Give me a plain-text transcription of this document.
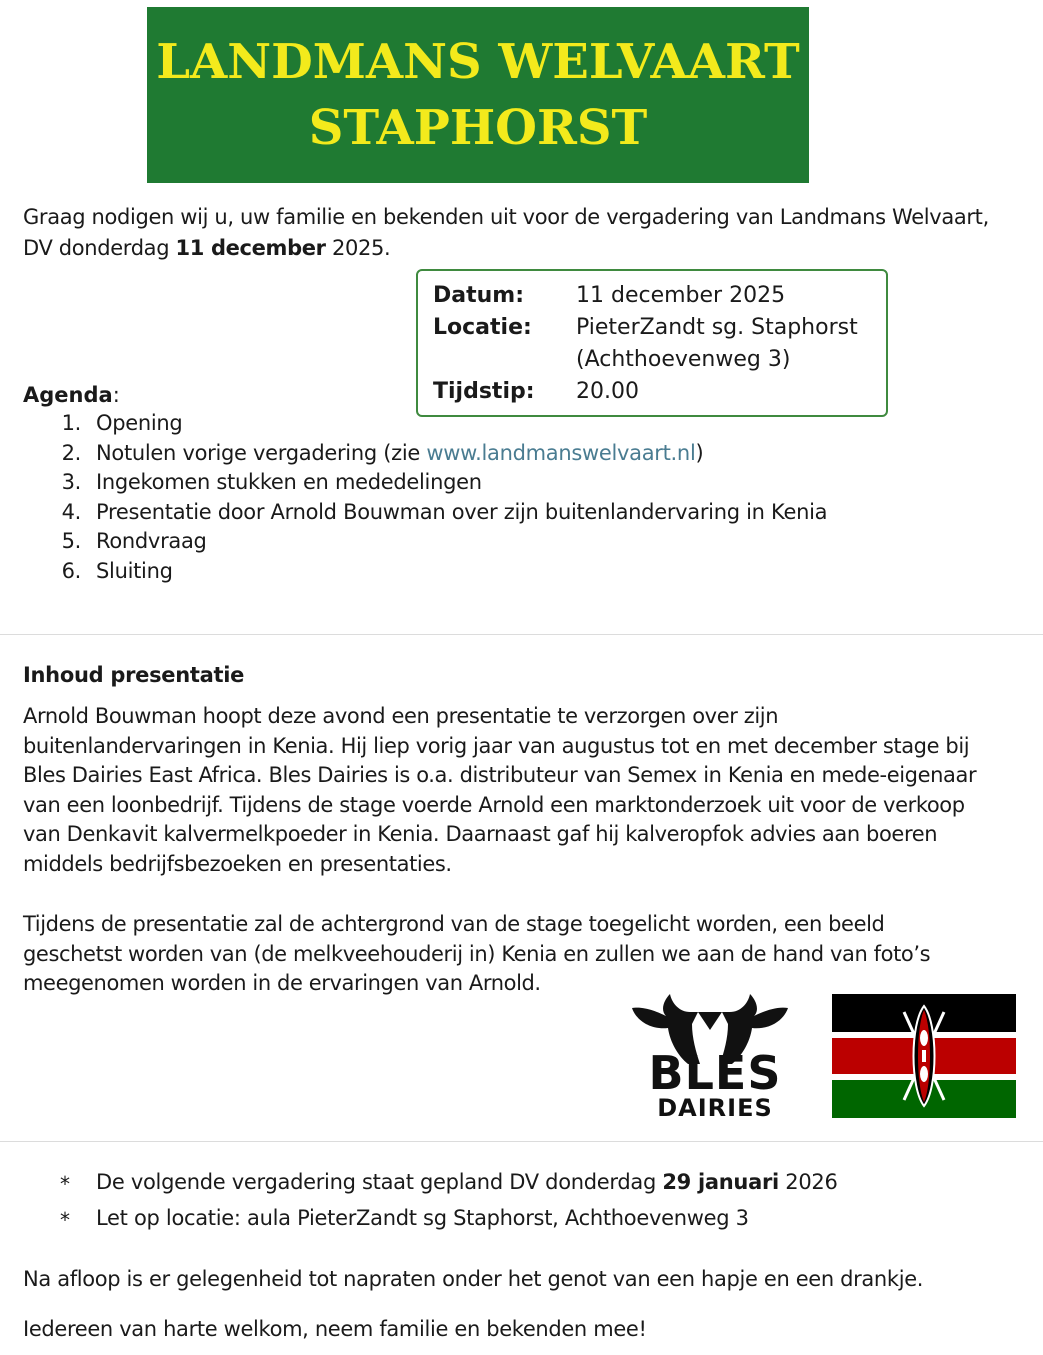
LANDMANS WELVAART
STAPHORST
Graag nodigen wij u, uw familie en bekenden uit voor de vergadering van Landmans Welvaart, DV donderdag 11 december 2025.
Datum:	11 december 2025
Locatie:	PieterZandt sg. Staphorst
(Achthoevenweg 3)
Tijdstip:	20.00
Agenda:
1. Opening
2. Notulen vorige vergadering (zie www.landmanswelvaart.nl)
3. Ingekomen stukken en mededelingen
4. Presentatie door Arnold Bouwman over zijn buitenlandervaring in Kenia
5. Rondvraag
6. Sluiting
Inhoud presentatie
Arnold Bouwman hoopt deze avond een presentatie te verzorgen over zijn buitenlandervaringen in Kenia. Hij liep vorig jaar van augustus tot en met december stage bij Bles Dairies East Africa. Bles Dairies is o.a. distributeur van Semex in Kenia en mede-eigenaar van een loonbedrijf. Tijdens de stage voerde Arnold een marktonderzoek uit voor de verkoop van Denkavit kalvermelkpoeder in Kenia. Daarnaast gaf hij kalveropfok advies aan boeren middels bedrijfsbezoeken en presentaties.
Tijdens de presentatie zal de achtergrond van de stage toegelicht worden, een beeld geschetst worden van (de melkveehouderij in) Kenia en zullen we aan de hand van foto’s meegenomen worden in de ervaringen van Arnold.
BLES
DAIRIES
* De volgende vergadering staat gepland DV donderdag 29 januari 2026
* Let op locatie: aula PieterZandt sg Staphorst, Achthoevenweg 3
Na afloop is er gelegenheid tot napraten onder het genot van een hapje en een drankje.
Iedereen van harte welkom, neem familie en bekenden mee!
